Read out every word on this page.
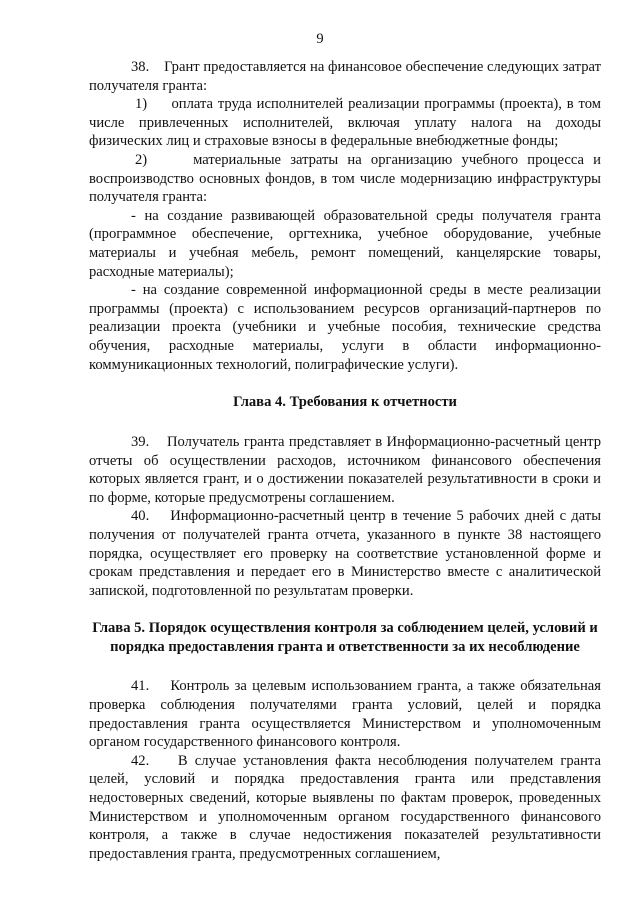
9

38.    Грант предоставляется на финансовое обеспечение следующих затрат получателя гранта:

1)     оплата труда исполнителей реализации программы (проекта), в том числе привлеченных исполнителей, включая уплату налога на доходы физических лиц и страховые взносы в федеральные внебюджетные фонды;

2)     материальные затраты на организацию учебного процесса и воспроизводство основных фондов, в том числе модернизацию инфраструктуры получателя гранта:

- на создание развивающей образовательной среды получателя гранта (программное обеспечение, оргтехника, учебное оборудование, учебные материалы и учебная мебель, ремонт помещений, канцелярские товары, расходные материалы);

- на создание современной информационной среды в месте реализации программы (проекта) с использованием ресурсов организаций-партнеров по реализации проекта (учебники и учебные пособия, технические средства обучения, расходные материалы, услуги в области информационно-коммуникационных технологий, полиграфические услуги).

Глава 4. Требования к отчетности

39.    Получатель гранта представляет в Информационно-расчетный центр отчеты об осуществлении расходов, источником финансового обеспечения которых является грант, и о достижении показателей результативности в сроки и по форме, которые предусмотрены соглашением.

40.    Информационно-расчетный центр в течение 5 рабочих дней с даты получения от получателей гранта отчета, указанного в пункте 38 настоящего порядка, осуществляет его проверку на соответствие установленной форме и срокам представления и передает его в Министерство вместе с аналитической запиской, подготовленной по результатам проверки.

Глава 5. Порядок осуществления контроля за соблюдением целей, условий и порядка предоставления гранта и ответственности за их несоблюдение

41.    Контроль за целевым использованием гранта, а также обязательная проверка соблюдения получателями гранта условий, целей и порядка предоставления гранта осуществляется Министерством и уполномоченным органом государственного финансового контроля.

42.    В случае установления факта несоблюдения получателем гранта целей, условий и порядка предоставления гранта или представления недостоверных сведений, которые выявлены по фактам проверок, проведенных Министерством и уполномоченным органом государственного финансового контроля, а также в случае недостижения показателей результативности предоставления гранта, предусмотренных соглашением,
